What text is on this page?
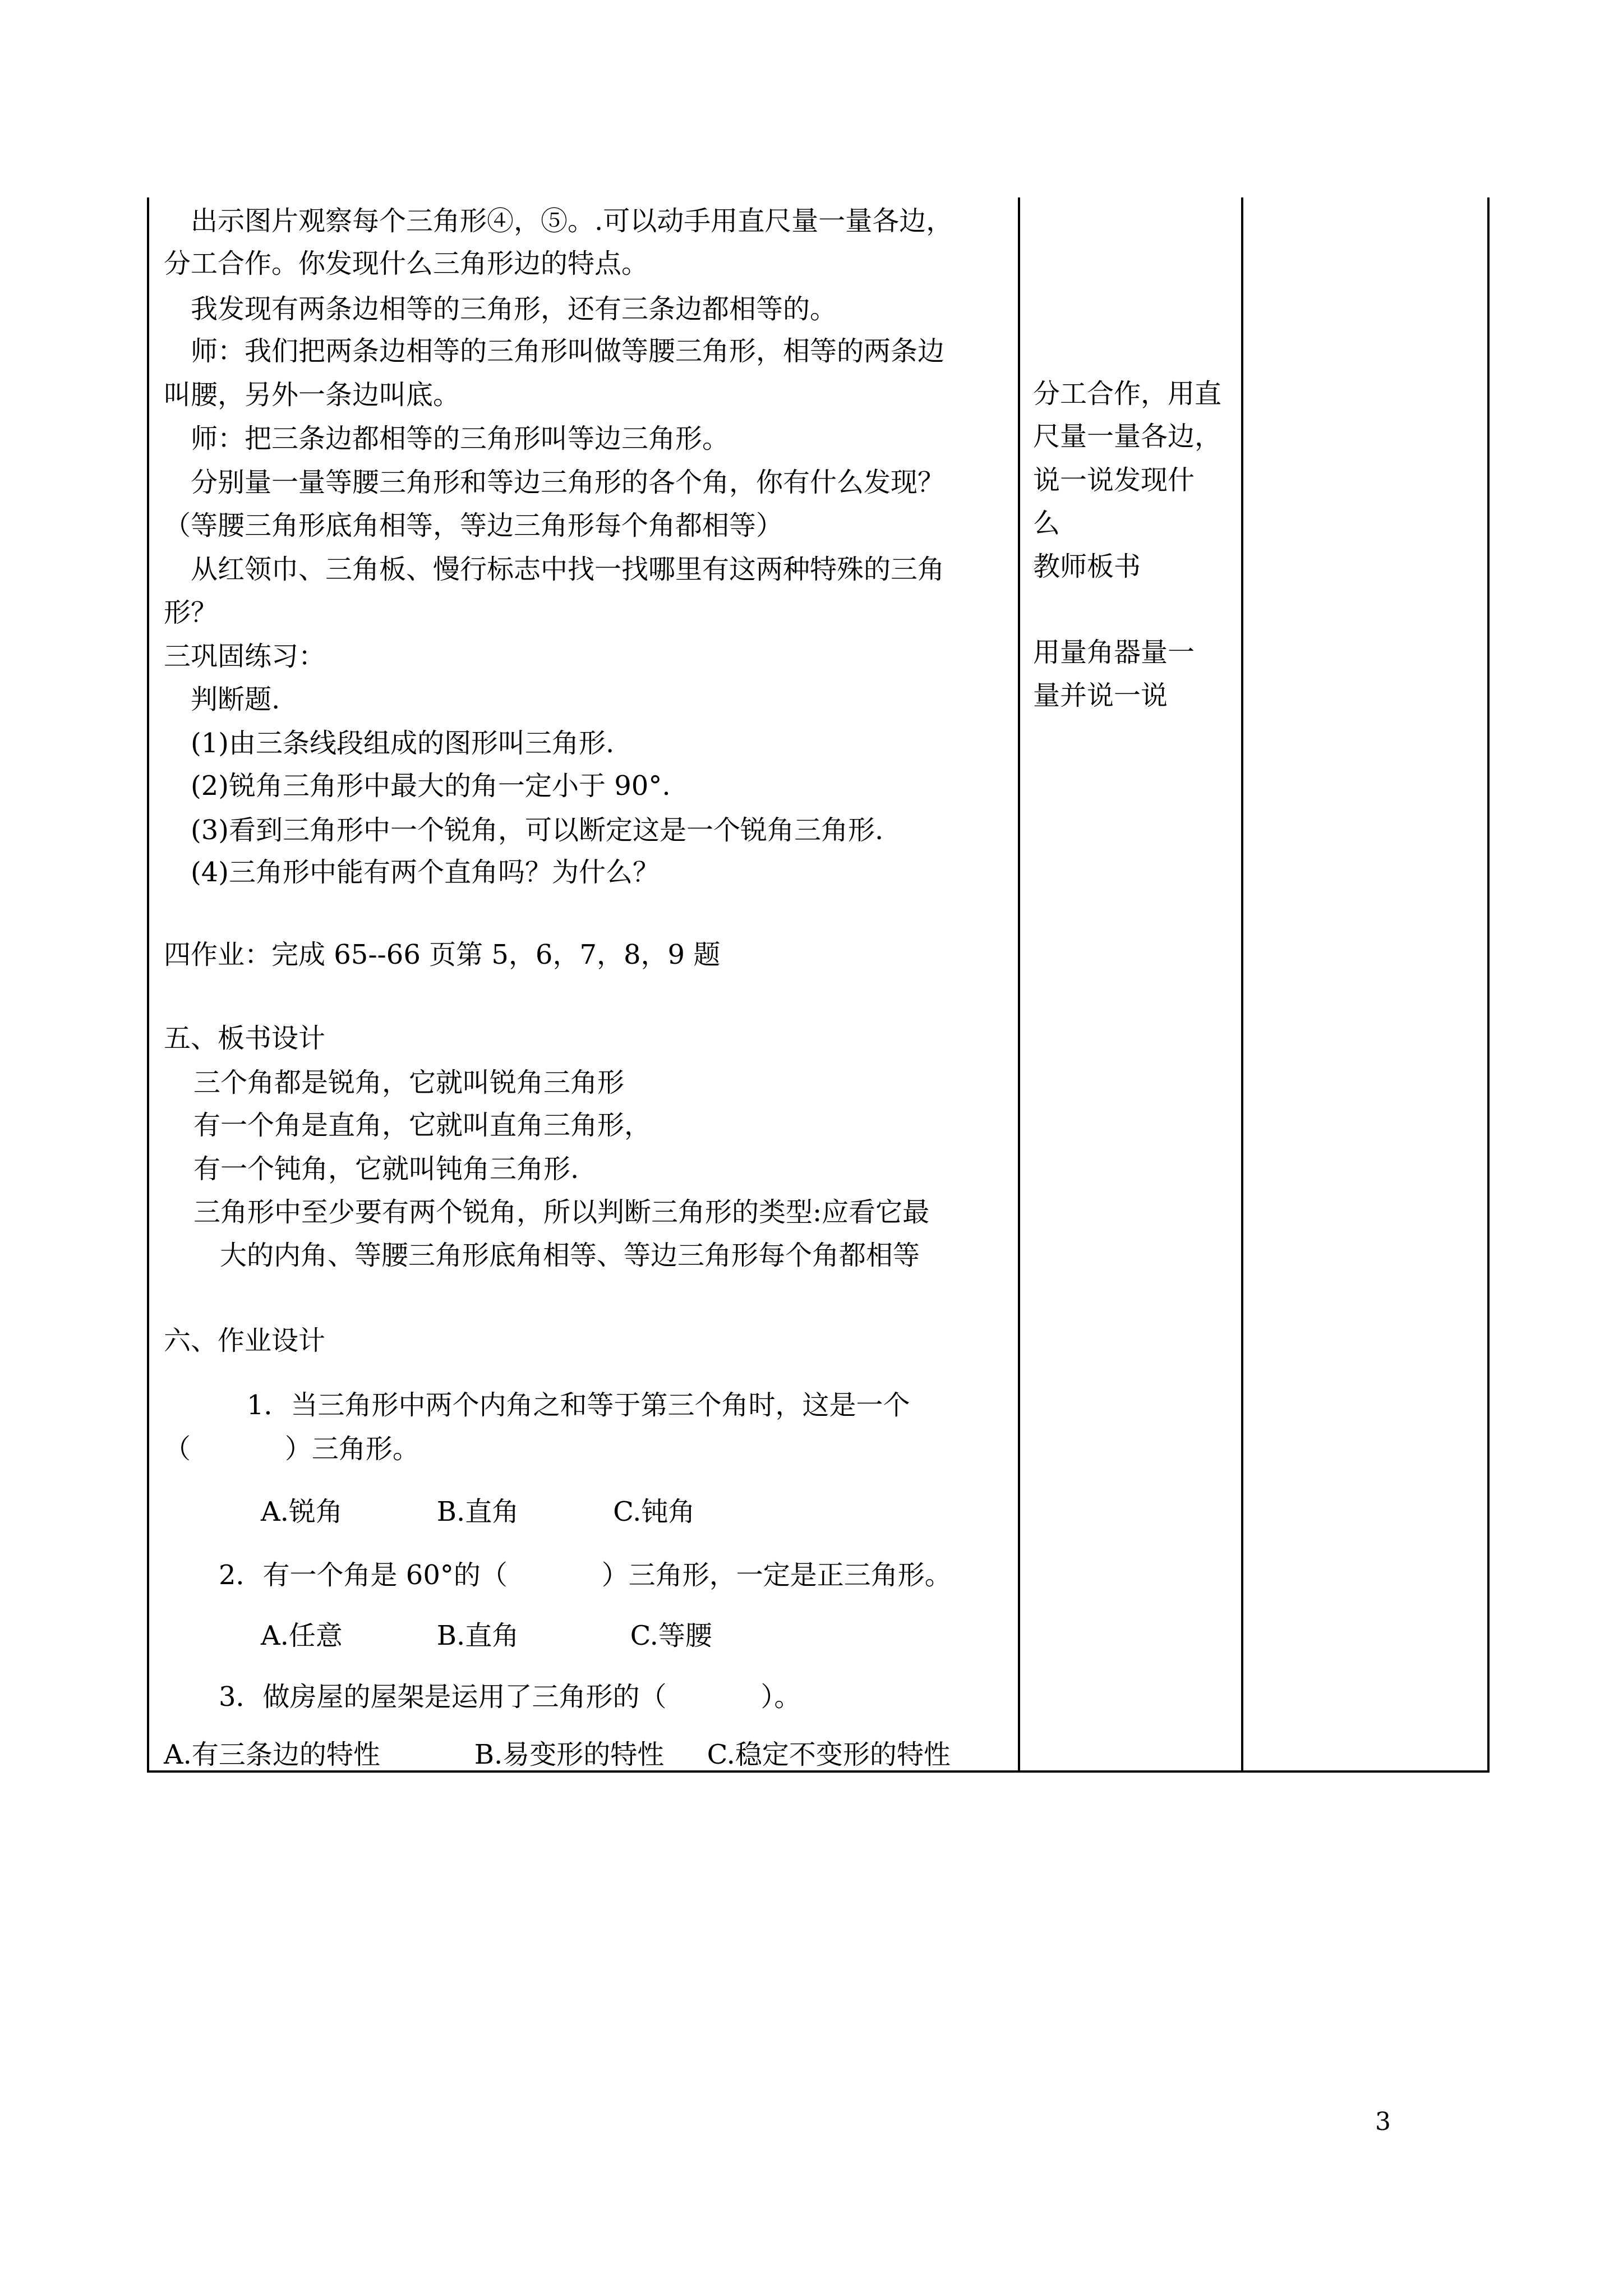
出示图片观察每个三角形④，⑤。.可以动手用直尺量一量各边，

分工合作。你发现什么三角形边的特点。

我发现有两条边相等的三角形，还有三条边都相等的。

师：我们把两条边相等的三角形叫做等腰三角形，相等的两条边

叫腰，另外一条边叫底。

师：把三条边都相等的三角形叫等边三角形。

分别量一量等腰三角形和等边三角形的各个角，你有什么发现？

（等腰三角形底角相等，等边三角形每个角都相等）

从红领巾、三角板、慢行标志中找一找哪里有这两种特殊的三角

形？

三巩固练习：

判断题.

(1)由三条线段组成的图形叫三角形.

(2)锐角三角形中最大的角一定小于 90°.

(3)看到三角形中一个锐角，可以断定这是一个锐角三角形.

(4)三角形中能有两个直角吗？为什么？

四作业：完成 65--66 页第 5，6，7，8，9 题

五、板书设计

三个角都是锐角，它就叫锐角三角形

有一个角是直角，它就叫直角三角形，

有一个钝角，它就叫钝角三角形.

三角形中至少要有两个锐角，所以判断三角形的类型:应看它最

大的内角、等腰三角形底角相等、等边三角形每个角都相等

六、作业设计

1．当三角形中两个内角之和等于第三个角时，这是一个

（           ）三角形。

A.锐角           B.直角           C.钝角

2．有一个角是 60°的（           ）三角形，一定是正三角形。

A.任意           B.直角             C.等腰

3．做房屋的屋架是运用了三角形的（           ）。

A.有三条边的特性           B.易变形的特性     C.稳定不变形的特性

分工合作，用直

尺量一量各边，

说一说发现什

么

教师板书

用量角器量一

量并说一说

3
